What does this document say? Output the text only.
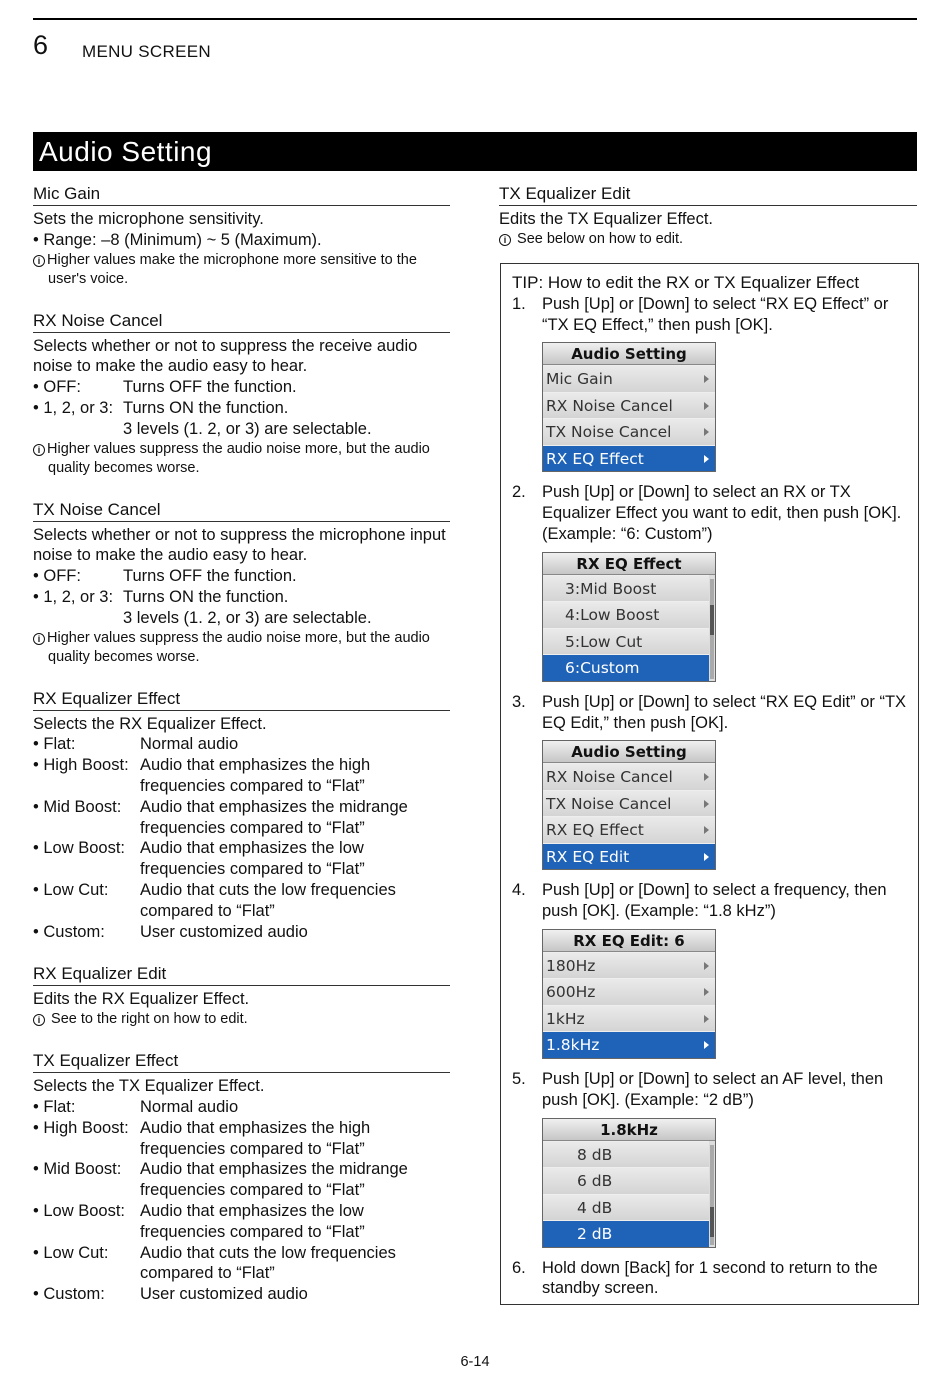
6 MENU SCREEN
Audio Setting
Mic Gain
Sets the microphone sensitivity.
• Range: –8 (Minimum) ~ 5 (Maximum).
i Higher values make the microphone more sensitive to the user's voice.
RX Noise Cancel
Selects whether or not to suppress the receive audio noise to make the audio easy to hear.
• OFF:	Turns OFF the function.
• 1, 2, or 3: Turns ON the function.
3 levels (1. 2, or 3) are selectable.
i Higher values suppress the audio noise more, but the audio quality becomes worse.
TX Noise Cancel
Selects whether or not to suppress the microphone input noise to make the audio easy to hear.
• OFF:	Turns OFF the function.
• 1, 2, or 3: Turns ON the function.
3 levels (1. 2, or 3) are selectable.
i Higher values suppress the audio noise more, but the audio quality becomes worse.
RX Equalizer Effect
Selects the RX Equalizer Effect.
• Flat:	Normal audio
• High Boost: Audio that emphasizes the high frequencies compared to “Flat”
• Mid Boost:	Audio that emphasizes the midrange frequencies compared to “Flat”
• Low Boost: Audio that emphasizes the low frequencies compared to “Flat”
• Low Cut:	Audio that cuts the low frequencies compared to “Flat”
• Custom:	User customized audio
RX Equalizer Edit
Edits the RX Equalizer Effect.
i See to the right on how to edit.
TX Equalizer Effect
Selects the TX Equalizer Effect.
• Flat:	Normal audio
• High Boost: Audio that emphasizes the high frequencies compared to “Flat”
• Mid Boost:	Audio that emphasizes the midrange frequencies compared to “Flat”
• Low Boost: Audio that emphasizes the low frequencies compared to “Flat”
• Low Cut:	Audio that cuts the low frequencies compared to “Flat”
• Custom:	User customized audio
TX Equalizer Edit
Edits the TX Equalizer Effect.
i See below on how to edit.
TIP: How to edit the RX or TX Equalizer Effect
1. Push [Up] or [Down] to select “RX EQ Effect” or “TX EQ Effect,” then push [OK].
Audio Setting
Mic Gain
RX Noise Cancel
TX Noise Cancel
RX EQ Effect
2. Push [Up] or [Down] to select an RX or TX Equalizer Effect you want to edit, then push [OK]. (Example: “6: Custom”)
RX EQ Effect
3:Mid Boost
4:Low Boost
5:Low Cut
6:Custom
3. Push [Up] or [Down] to select “RX EQ Edit” or “TX EQ Edit,” then push [OK].
Audio Setting
RX Noise Cancel
TX Noise Cancel
RX EQ Effect
RX EQ Edit
4. Push [Up] or [Down] to select a frequency, then push [OK]. (Example: “1.8 kHz”)
RX EQ Edit: 6
180Hz
600Hz
1kHz
1.8kHz
5. Push [Up] or [Down] to select an AF level, then push [OK]. (Example: “2 dB”)
1.8kHz
8 dB
6 dB
4 dB
2 dB
6. Hold down [Back] for 1 second to return to the standby screen.
6-14
